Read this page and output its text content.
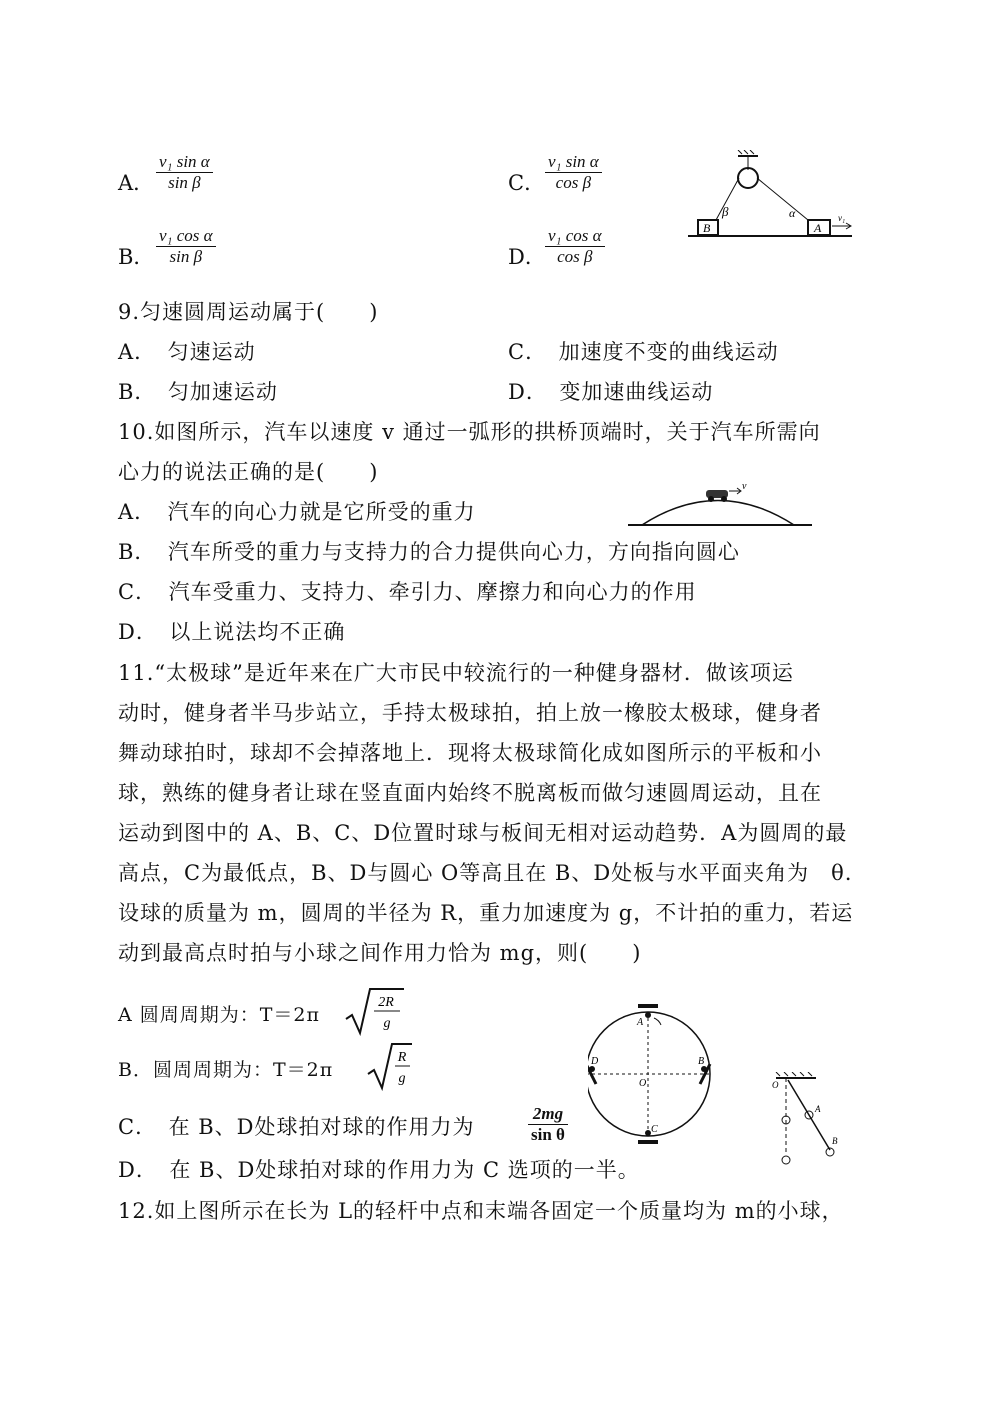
A． $\frac{\text{v₁ sin α}}{\text{sin β}}$
B． $\frac{\text{v₁ cos α}}{\text{sin β}}$
C． $\frac{\text{v₁ sin α}}{\text{cos β}}$
D． $\frac{\text{v₁ cos α}}{\text{cos β}}$	B	A
β	α	v₁
9.匀速圆周运动属于(　　)
A．　匀速运动	C．　加速度不变的曲线运动
B．　匀加速运动	D．　变加速曲线运动
10.如图所示，汽车以速度 v 通过一弧形的拱桥顶端时，关于汽车所需向
心力的说法正确的是(　　)
A．　汽车的向心力就是它所受的重力
B．　汽车所受的重力与支持力的合力提供向心力，方向指向圆心
C．　汽车受重力、支持力、牵引力、摩擦力和向心力的作用
D．　以上说法均不正确
v
11.“太极球”是近年来在广大市民中较流行的一种健身器材．做该项运
动时，健身者半马步站立，手持太极球拍，拍上放一橡胶太极球，健身者
舞动球拍时，球却不会掉落地上．现将太极球简化成如图所示的平板和小
球，熟练的健身者让球在竖直面内始终不脱离板而做匀速圆周运动，且在
运动到图中的 A、B、C、D位置时球与板间无相对运动趋势．A为圆周的最
高点，C为最低点，B、D与圆心 O等高且在 B、D处板与水平面夹角为　θ．
设球的质量为 m，圆周的半径为 R，重力加速度为 g，不计拍的重力，若运
动到最高点时拍与小球之间作用力恰为 mg，则(　　)
A 圆周周期为：T＝2π
2R
g
B．圆周周期为：T＝2π
R
g
C．　在 B、D处球拍对球的作用力为	$\frac{2mg}{\text{sin θ}}$
D．　在 B、D处球拍对球的作用力为 C 选项的一半。
A
B
C
D
O	O
A
B
12.如上图所示在长为 L的轻杆中点和末端各固定一个质量均为 m的小球，
